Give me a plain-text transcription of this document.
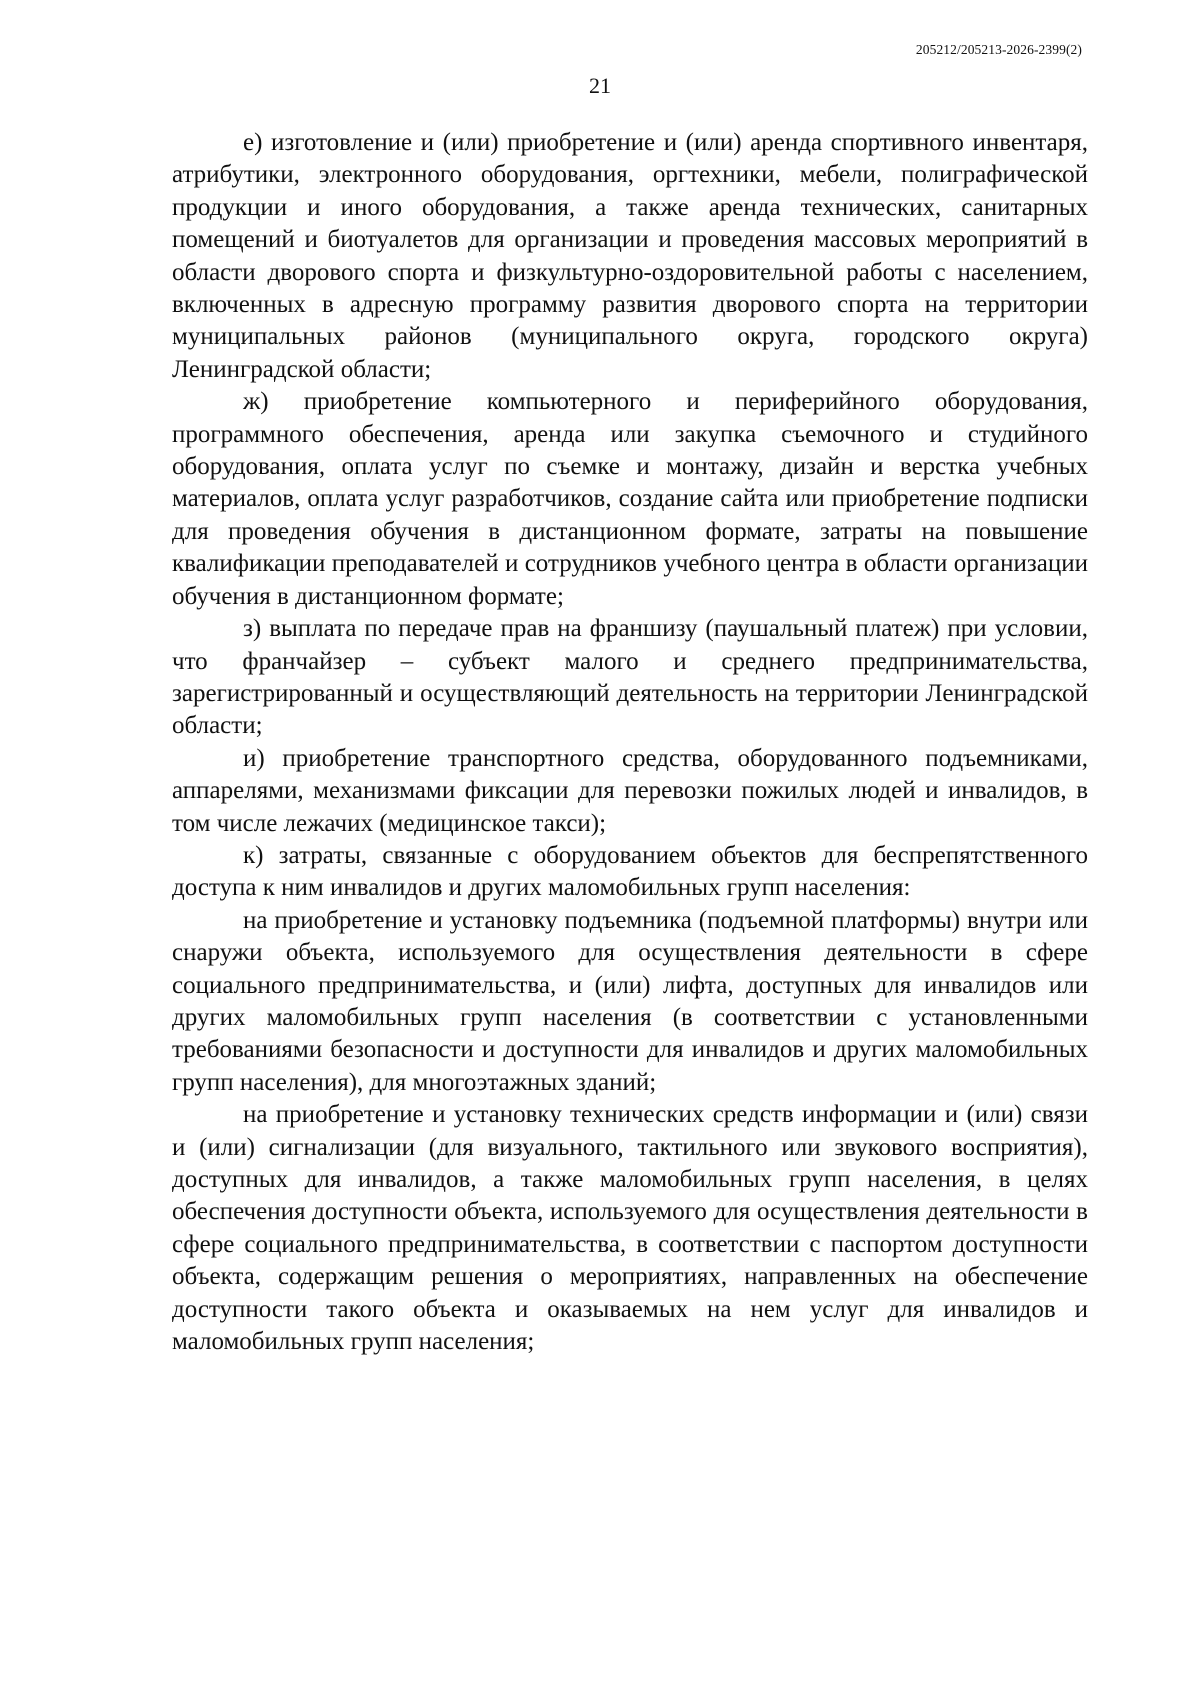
205212/205213-2026-2399(2)
21

е) изготовление и (или) приобретение и (или) аренда спортивного инвентаря, атрибутики, электронного оборудования, оргтехники, мебели, полиграфической продукции и иного оборудования, а также аренда технических, санитарных помещений и биотуалетов для организации и проведения массовых мероприятий в области дворового спорта и физкультурно-оздоровительной работы с населением, включенных в адресную программу развития дворового спорта на территории муниципальных районов (муниципального округа, городского округа) Ленинградской области;

ж) приобретение компьютерного и периферийного оборудования, программного обеспечения, аренда или закупка съемочного и студийного оборудования, оплата услуг по съемке и монтажу, дизайн и верстка учебных материалов, оплата услуг разработчиков, создание сайта или приобретение подписки для проведения обучения в дистанционном формате, затраты на повышение квалификации преподавателей и сотрудников учебного центра в области организации обучения в дистанционном формате;

з) выплата по передаче прав на франшизу (паушальный платеж) при условии, что франчайзер – субъект малого и среднего предпринимательства, зарегистрированный и осуществляющий деятельность на территории Ленинградской области;

и) приобретение транспортного средства, оборудованного подъемниками, аппарелями, механизмами фиксации для перевозки пожилых людей и инвалидов, в том числе лежачих (медицинское такси);

к) затраты, связанные с оборудованием объектов для беспрепятственного доступа к ним инвалидов и других маломобильных групп населения:

на приобретение и установку подъемника (подъемной платформы) внутри или снаружи объекта, используемого для осуществления деятельности в сфере социального предпринимательства, и (или) лифта, доступных для инвалидов или других маломобильных групп населения (в соответствии с установленными требованиями безопасности и доступности для инвалидов и других маломобильных групп населения), для многоэтажных зданий;

на приобретение и установку технических средств информации и (или) связи и (или) сигнализации (для визуального, тактильного или звукового восприятия), доступных для инвалидов, а также маломобильных групп населения, в целях обеспечения доступности объекта, используемого для осуществления деятельности в сфере социального предпринимательства, в соответствии с паспортом доступности объекта, содержащим решения о мероприятиях, направленных на обеспечение доступности такого объекта и оказываемых на нем услуг для инвалидов и маломобильных групп населения;
